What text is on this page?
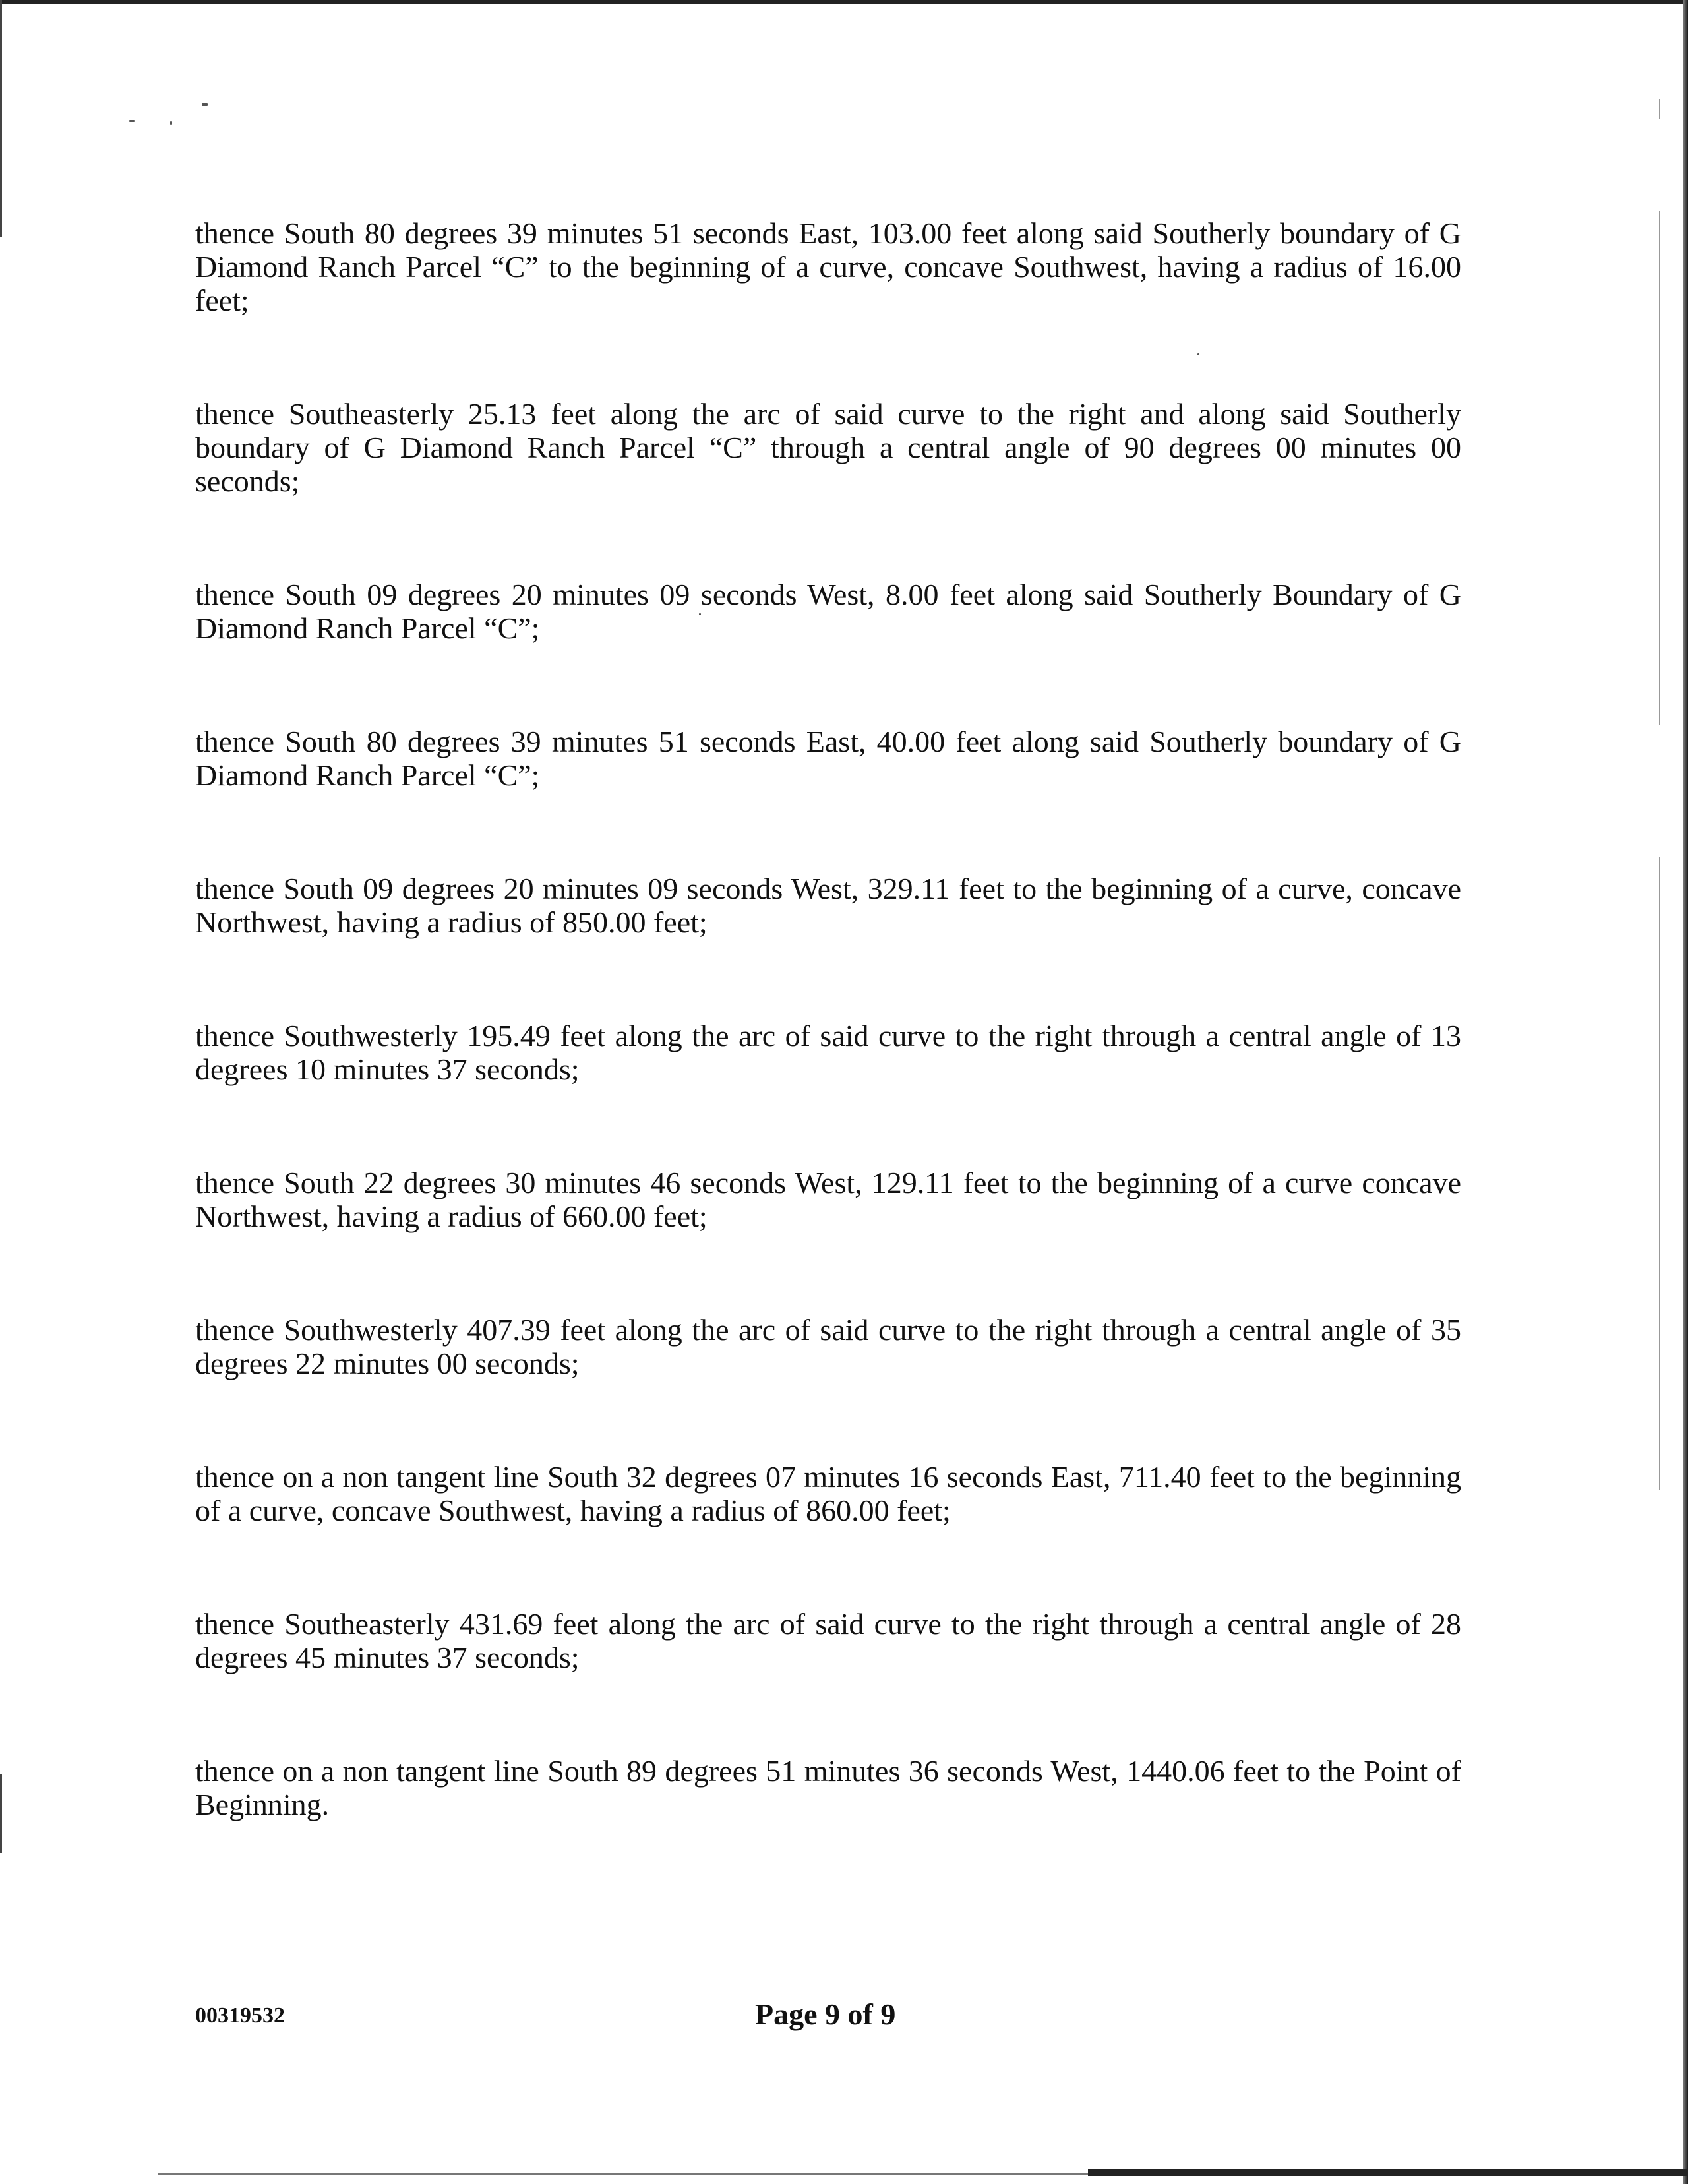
thence South 80 degrees 39 minutes 51 seconds East, 103.00 feet along said Southerly boundary of G Diamond Ranch Parcel “C” to the beginning of a curve, concave Southwest, having a radius of 16.00 feet;

thence Southeasterly 25.13 feet along the arc of said curve to the right and along said Southerly boundary of G Diamond Ranch Parcel “C” through a central angle of 90 degrees 00 minutes 00 seconds;

thence South 09 degrees 20 minutes 09 seconds West, 8.00 feet along said Southerly Boundary of G Diamond Ranch Parcel “C”;

thence South 80 degrees 39 minutes 51 seconds East, 40.00 feet along said Southerly boundary of G Diamond Ranch Parcel “C”;

thence South 09 degrees 20 minutes 09 seconds West, 329.11 feet to the beginning of a curve, concave Northwest, having a radius of 850.00 feet;

thence Southwesterly 195.49 feet along the arc of said curve to the right through a central angle of 13 degrees 10 minutes 37 seconds;

thence South 22 degrees 30 minutes 46 seconds West, 129.11 feet to the beginning of a curve concave Northwest, having a radius of 660.00 feet;

thence Southwesterly 407.39 feet along the arc of said curve to the right through a central angle of 35 degrees 22 minutes 00 seconds;

thence on a non tangent line South 32 degrees 07 minutes 16 seconds East, 711.40 feet to the beginning of a curve, concave Southwest, having a radius of 860.00 feet;

thence Southeasterly 431.69 feet along the arc of said curve to the right through a central angle of 28 degrees 45 minutes 37 seconds;

thence on a non tangent line South 89 degrees 51 minutes 36 seconds West, 1440.06 feet to the Point of Beginning.

00319532	Page 9 of 9
